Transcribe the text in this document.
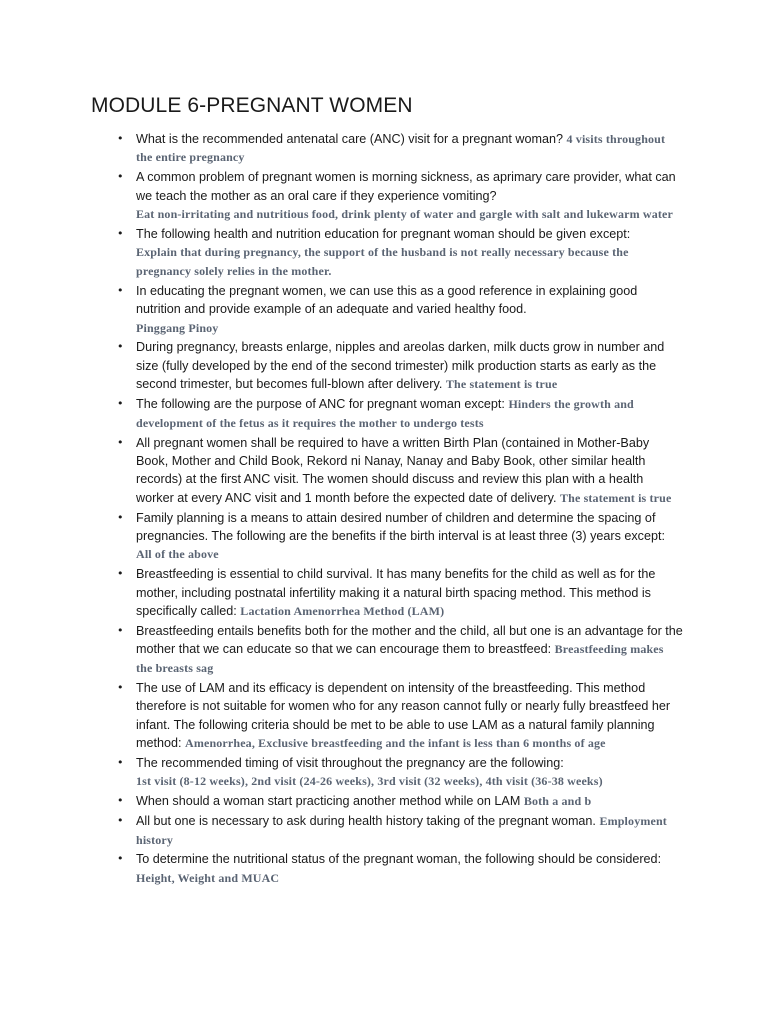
MODULE 6-PREGNANT WOMEN
• What is the recommended antenatal care (ANC) visit for a pregnant woman? 4 visits throughout the entire pregnancy
• A common problem of pregnant women is morning sickness, as aprimary care provider, what can we teach the mother as an oral care if they experience vomiting?
Eat non-irritating and nutritious food, drink plenty of water and gargle with salt and lukewarm water
• The following health and nutrition education for pregnant woman should be given except:
Explain that during pregnancy, the support of the husband is not really necessary because the pregnancy solely relies in the mother.
• In educating the pregnant women, we can use this as a good reference in explaining good nutrition and provide example of an adequate and varied healthy food.
Pinggang Pinoy
• During pregnancy, breasts enlarge, nipples and areolas darken, milk ducts grow in number and size (fully developed by the end of the second trimester) milk production starts as early as the second trimester, but becomes full-blown after delivery. The statement is true
• The following are the purpose of ANC for pregnant woman except: Hinders the growth and development of the fetus as it requires the mother to undergo tests
• All pregnant women shall be required to have a written Birth Plan (contained in Mother-Baby Book, Mother and Child Book, Rekord ni Nanay, Nanay and Baby Book, other similar health records) at the first ANC visit. The women should discuss and review this plan with a health worker at every ANC visit and 1 month before the expected date of delivery. The statement is true
• Family planning is a means to attain desired number of children and determine the spacing of pregnancies. The following are the benefits if the birth interval is at least three (3) years except: All of the above
• Breastfeeding is essential to child survival. It has many benefits for the child as well as for the mother, including postnatal infertility making it a natural birth spacing method. This method is specifically called: Lactation Amenorrhea Method (LAM)
• Breastfeeding entails benefits both for the mother and the child, all but one is an advantage for the mother that we can educate so that we can encourage them to breastfeed: Breastfeeding makes the breasts sag
• The use of LAM and its efficacy is dependent on intensity of the breastfeeding. This method therefore is not suitable for women who for any reason cannot fully or nearly fully breastfeed her infant. The following criteria should be met to be able to use LAM as a natural family planning method: Amenorrhea, Exclusive breastfeeding and the infant is less than 6 months of age
• The recommended timing of visit throughout the pregnancy are the following:
1st visit (8-12 weeks), 2nd visit (24-26 weeks), 3rd visit (32 weeks), 4th visit (36-38 weeks)
• When should a woman start practicing another method while on LAM Both a and b
• All but one is necessary to ask during health history taking of the pregnant woman. Employment history
• To determine the nutritional status of the pregnant woman, the following should be considered:
Height, Weight and MUAC
